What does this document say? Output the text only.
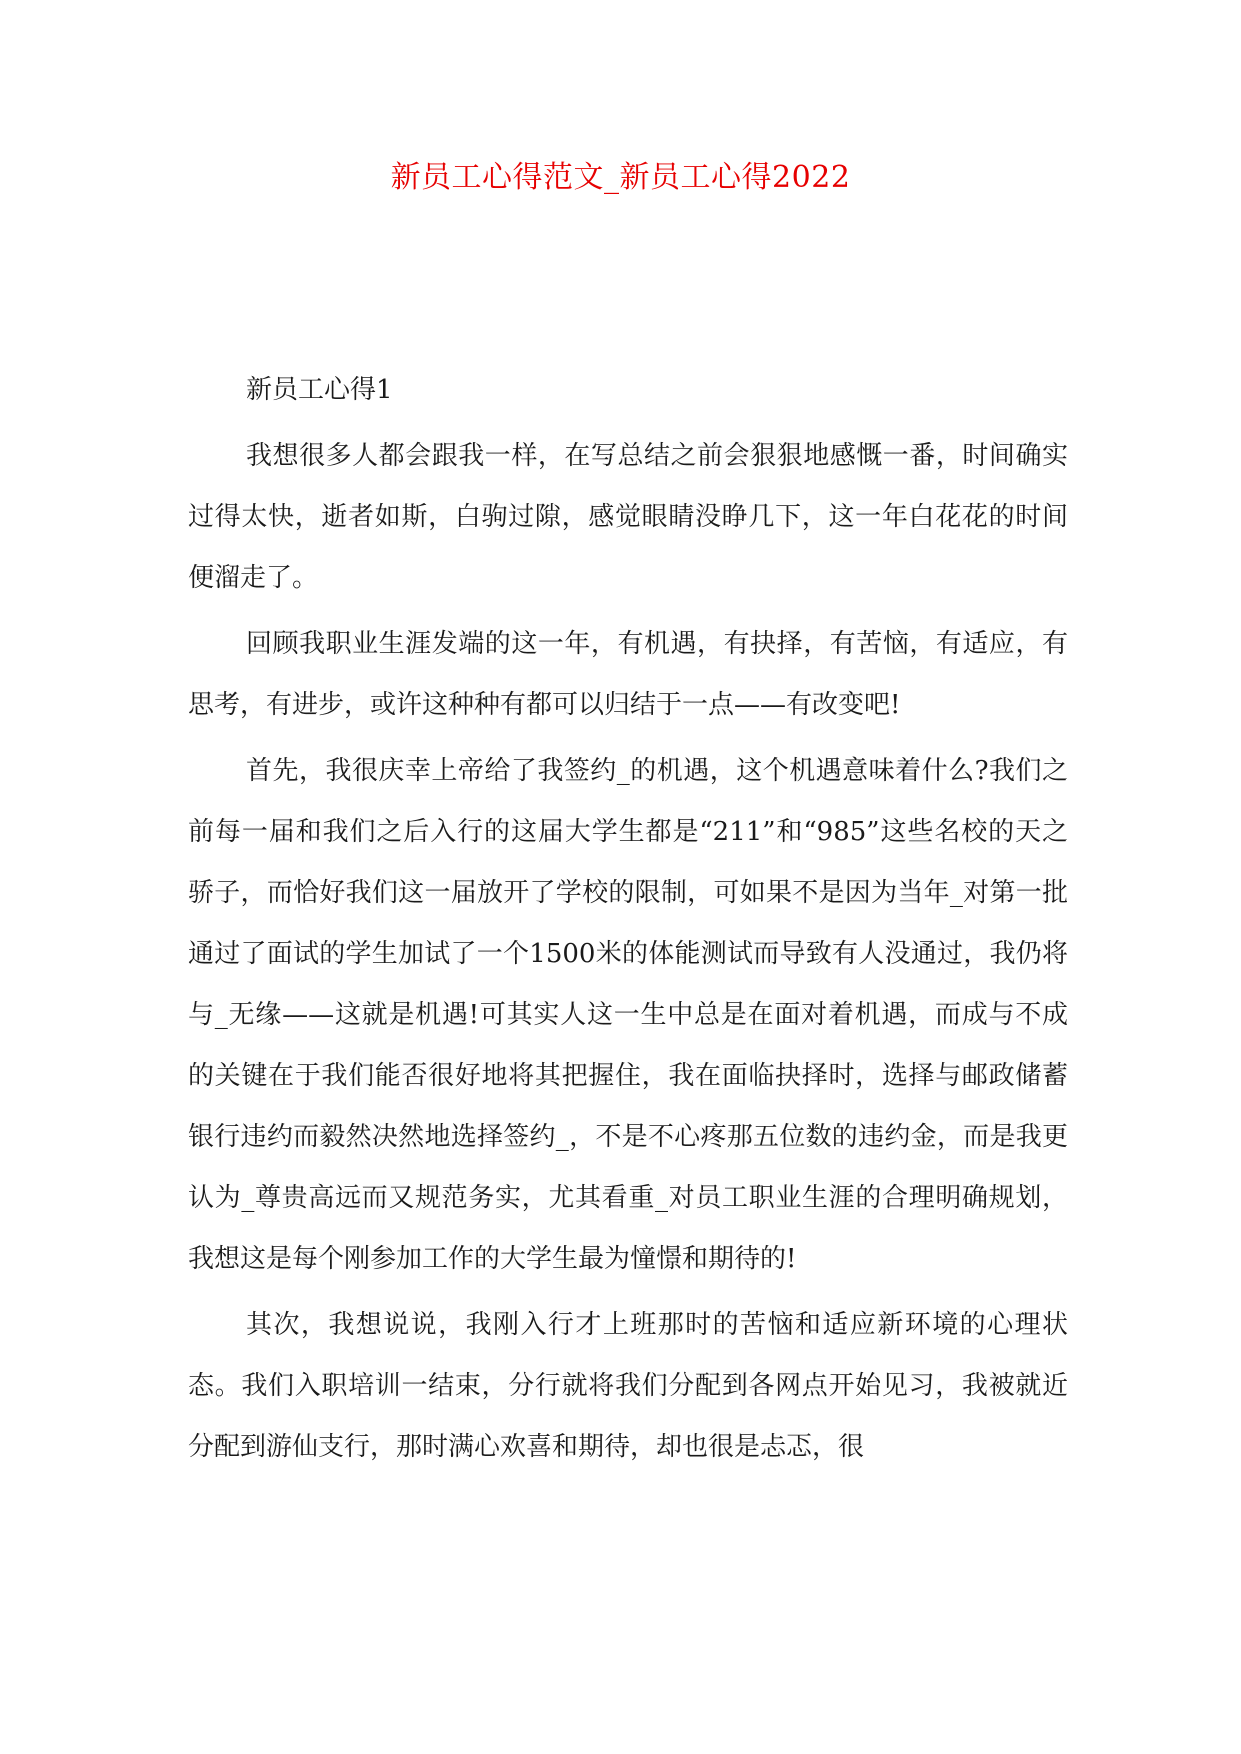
新员工心得范文_新员工心得2022

新员工心得1

我想很多人都会跟我一样，在写总结之前会狠狠地感慨一番，时间确实过得太快，逝者如斯，白驹过隙，感觉眼睛没睁几下，这一年白花花的时间便溜走了。

回顾我职业生涯发端的这一年，有机遇，有抉择，有苦恼，有适应，有思考，有进步，或许这种种有都可以归结于一点——有改变吧!

首先，我很庆幸上帝给了我签约_的机遇，这个机遇意味着什么?我们之前每一届和我们之后入行的这届大学生都是“211”和“985”这些名校的天之骄子，而恰好我们这一届放开了学校的限制，可如果不是因为当年_对第一批通过了面试的学生加试了一个1500米的体能测试而导致有人没通过，我仍将与_无缘——这就是机遇!可其实人这一生中总是在面对着机遇，而成与不成的关键在于我们能否很好地将其把握住，我在面临抉择时，选择与邮政储蓄银行违约而毅然决然地选择签约_，不是不心疼那五位数的违约金，而是我更认为_尊贵高远而又规范务实，尤其看重_对员工职业生涯的合理明确规划，我想这是每个刚参加工作的大学生最为憧憬和期待的!

其次，我想说说，我刚入行才上班那时的苦恼和适应新环境的心理状态。我们入职培训一结束，分行就将我们分配到各网点开始见习，我被就近分配到游仙支行，那时满心欢喜和期待，却也很是忐忑，很
